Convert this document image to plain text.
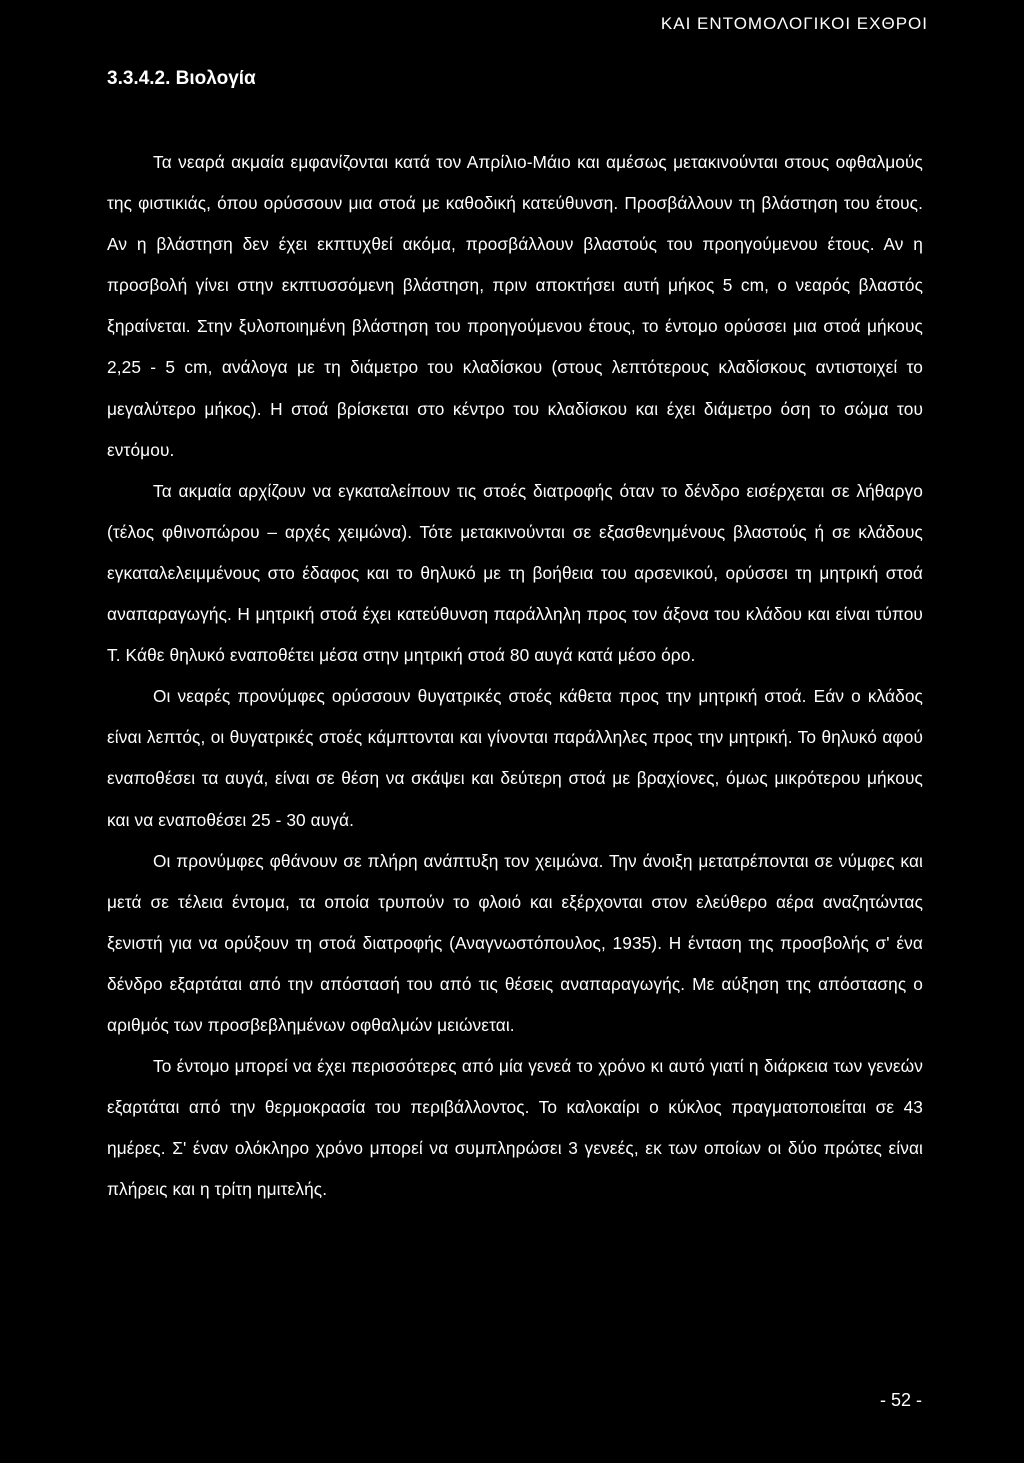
ΚΑΙ ΕΝΤΟΜΟΛΟΓΙΚΟΙ ΕΧΘΡΟΙ
3.3.4.2. Βιολογία

Τα νεαρά ακμαία εμφανίζονται κατά τον Απρίλιο-Μάιο και αμέσως μετακινούνται στους οφθαλμούς της φιστικιάς, όπου ορύσσουν μια στοά με καθοδική κατεύθυνση. Προσβάλλουν τη βλάστηση του έτους. Αν η βλάστηση δεν έχει εκπτυχθεί ακόμα, προσβάλλουν βλαστούς του προηγούμενου έτους. Αν η προσβολή γίνει στην εκπτυσσόμενη βλάστηση, πριν αποκτήσει αυτή μήκος 5 cm, ο νεαρός βλαστός ξηραίνεται. Στην ξυλοποιημένη βλάστηση του προηγούμενου έτους, το έντομο ορύσσει μια στοά μήκους 2,25 - 5 cm, ανάλογα με τη διάμετρο του κλαδίσκου (στους λεπτότερους κλαδίσκους αντιστοιχεί το μεγαλύτερο μήκος). Η στοά βρίσκεται στο κέντρο του κλαδίσκου και έχει διάμετρο όση το σώμα του εντόμου.

Τα ακμαία αρχίζουν να εγκαταλείπουν τις στοές διατροφής όταν το δένδρο εισέρχεται σε λήθαργο (τέλος φθινοπώρου – αρχές χειμώνα). Τότε μετακινούνται σε εξασθενημένους βλαστούς ή σε κλάδους εγκαταλελειμμένους στο έδαφος και το θηλυκό με τη βοήθεια του αρσενικού, ορύσσει τη μητρική στοά αναπαραγωγής. Η μητρική στοά έχει κατεύθυνση παράλληλη προς τον άξονα του κλάδου και είναι τύπου Τ. Κάθε θηλυκό εναποθέτει μέσα στην μητρική στοά 80 αυγά κατά μέσο όρο.

Οι νεαρές προνύμφες ορύσσουν θυγατρικές στοές κάθετα προς την μητρική στοά. Εάν ο κλάδος είναι λεπτός, οι θυγατρικές στοές κάμπτονται και γίνονται παράλληλες προς την μητρική. Το θηλυκό αφού εναποθέσει τα αυγά, είναι σε θέση να σκάψει και δεύτερη στοά με βραχίονες, όμως μικρότερου μήκους και να εναποθέσει 25 - 30 αυγά.

Οι προνύμφες φθάνουν σε πλήρη ανάπτυξη τον χειμώνα. Την άνοιξη μετατρέπονται σε νύμφες και μετά σε τέλεια έντομα, τα οποία τρυπούν το φλοιό και εξέρχονται στον ελεύθερο αέρα αναζητώντας ξενιστή για να ορύξουν τη στοά διατροφής (Αναγνωστόπουλος, 1935). Η ένταση της προσβολής σ' ένα δένδρο εξαρτάται από την απόστασή του από τις θέσεις αναπαραγωγής. Με αύξηση της απόστασης ο αριθμός των προσβεβλημένων οφθαλμών μειώνεται.

Το έντομο μπορεί να έχει περισσότερες από μία γενεά το χρόνο κι αυτό γιατί η διάρκεια των γενεών εξαρτάται από την θερμοκρασία του περιβάλλοντος. Το καλοκαίρι ο κύκλος πραγματοποιείται σε 43 ημέρες. Σ' έναν ολόκληρο χρόνο μπορεί να συμπληρώσει 3 γενεές, εκ των οποίων οι δύο πρώτες είναι πλήρεις και η τρίτη ημιτελής.

- 52 -
